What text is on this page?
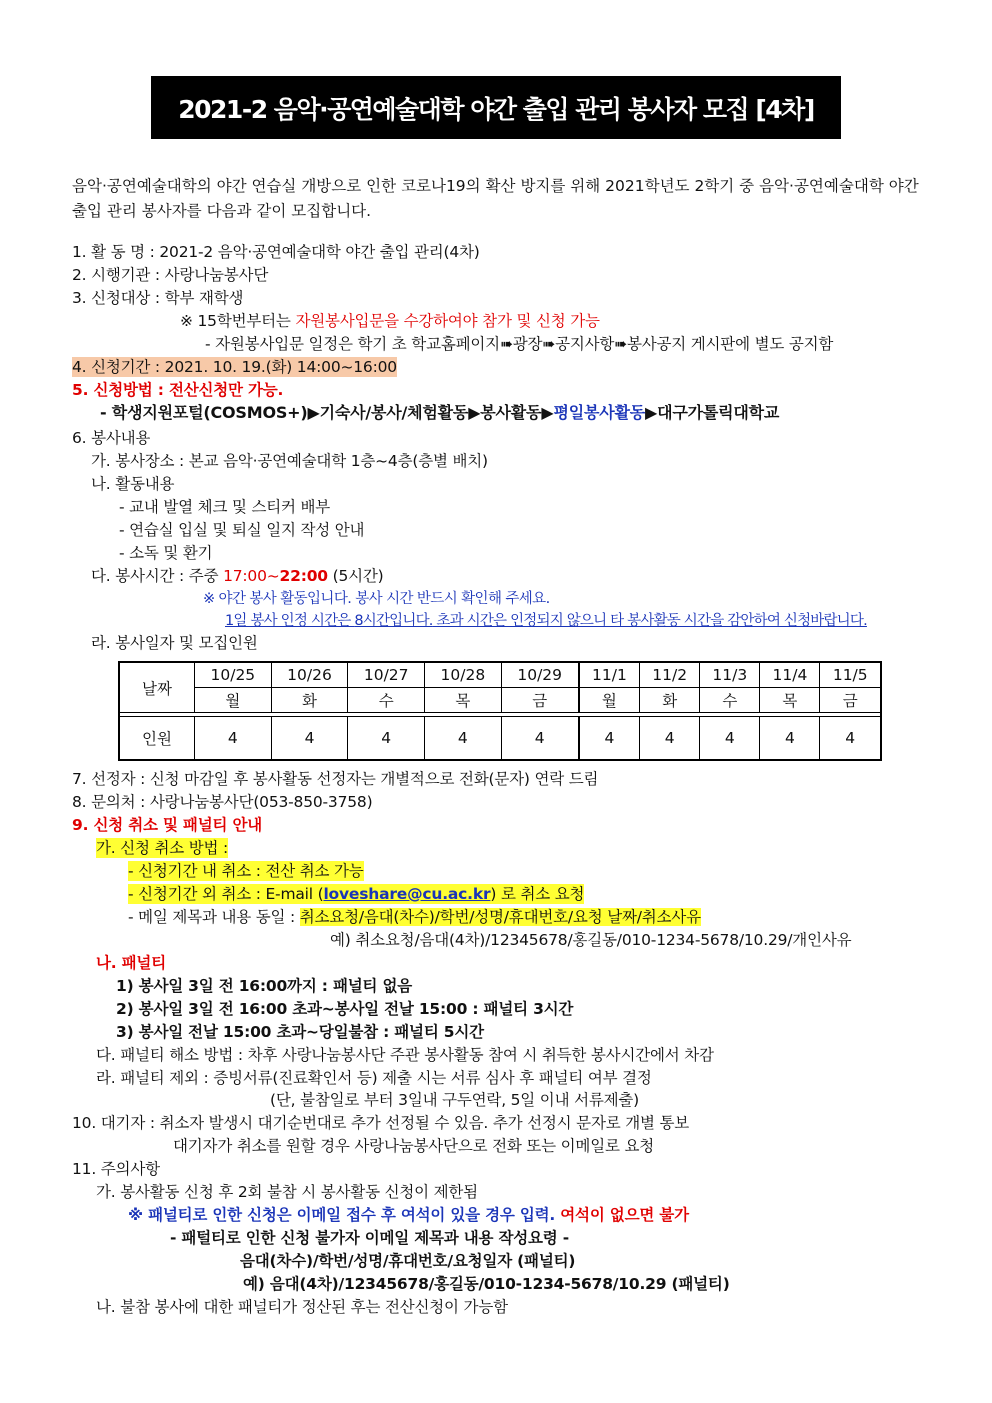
2021-2 음악·공연예술대학 야간 출입 관리 봉사자 모집 [4차]
음악·공연예술대학의 야간 연습실 개방으로 인한 코로나19의 확산 방지를 위해 2021학년도 2학기 중 음악·공연예술대학 야간 출입 관리 봉사자를 다음과 같이 모집합니다.
1. 활 동 명 : 2021-2 음악·공연예술대학 야간 출입 관리(4차)
2. 시행기관 : 사랑나눔봉사단
3. 신청대상 : 학부 재학생
※ 15학번부터는 자원봉사입문을 수강하여야 참가 및 신청 가능
- 자원봉사입문 일정은 학기 초 학교홈페이지➠광장➠공지사항➠봉사공지 게시판에 별도 공지함
4. 신청기간 : 2021. 10. 19.(화) 14:00~16:00
5. 신청방법 : 전산신청만 가능.
- 학생지원포털(COSMOS+)▶기숙사/봉사/체험활동▶봉사활동▶평일봉사활동▶대구가톨릭대학교
6. 봉사내용
가. 봉사장소 : 본교 음악·공연예술대학 1층~4층(층별 배치)
나. 활동내용
- 교내 발열 체크 및 스티커 배부
- 연습실 입실 및 퇴실 일지 작성 안내
- 소독 및 환기
다. 봉사시간 : 주중 17:00~22:00 (5시간)
※ 야간 봉사 활동입니다. 봉사 시간 반드시 확인해 주세요.
1일 봉사 인정 시간은 8시간입니다. 초과 시간은 인정되지 않으니 타 봉사활동 시간을 감안하여 신청바랍니다.
라. 봉사일자 및 모집인원
날짜	10/25	10/26	10/27	10/28	10/29	11/1	11/2	11/3	11/4	11/5
	월	화	수	목	금	월	화	수	목	금

인원	4	4	4	4	4	4	4	4	4	4
7. 선정자 : 신청 마감일 후 봉사활동 선정자는 개별적으로 전화(문자) 연락 드림
8. 문의처 : 사랑나눔봉사단(053-850-3758)
9. 신청 취소 및 패널티 안내
가. 신청 취소 방법 :
- 신청기간 내 취소 : 전산 취소 가능
- 신청기간 외 취소 : E-mail (loveshare@cu.ac.kr) 로 취소 요청
- 메일 제목과 내용 동일 : 취소요청/음대(차수)/학번/성명/휴대번호/요청 날짜/취소사유
예) 취소요청/음대(4차)/12345678/홍길동/010-1234-5678/10.29/개인사유
나. 패널티
1) 봉사일 3일 전 16:00까지 : 패널티 없음
2) 봉사일 3일 전 16:00 초과~봉사일 전날 15:00 : 패널티 3시간
3) 봉사일 전날 15:00 초과~당일불참 : 패널티 5시간
다. 패널티 해소 방법 : 차후 사랑나눔봉사단 주관 봉사활동 참여 시 취득한 봉사시간에서 차감
라. 패널티 제외 : 증빙서류(진료확인서 등) 제출 시는 서류 심사 후 패널티 여부 결정
(단, 불참일로 부터 3일내 구두연락, 5일 이내 서류제출)
10. 대기자 : 취소자 발생시 대기순번대로 추가 선정될 수 있음. 추가 선정시 문자로 개별 통보
대기자가 취소를 원할 경우 사랑나눔봉사단으로 전화 또는 이메일로 요청
11. 주의사항
가. 봉사활동 신청 후 2회 불참 시 봉사활동 신청이 제한됨
※ 패널티로 인한 신청은 이메일 접수 후 여석이 있을 경우 입력. 여석이 없으면 불가
- 패털티로 인한 신청 불가자 이메일 제목과 내용 작성요령 -
음대(차수)/학번/성명/휴대번호/요청일자 (패널티)
예) 음대(4차)/12345678/홍길동/010-1234-5678/10.29 (패널티)
나. 불참 봉사에 대한 패널티가 정산된 후는 전산신청이 가능함
